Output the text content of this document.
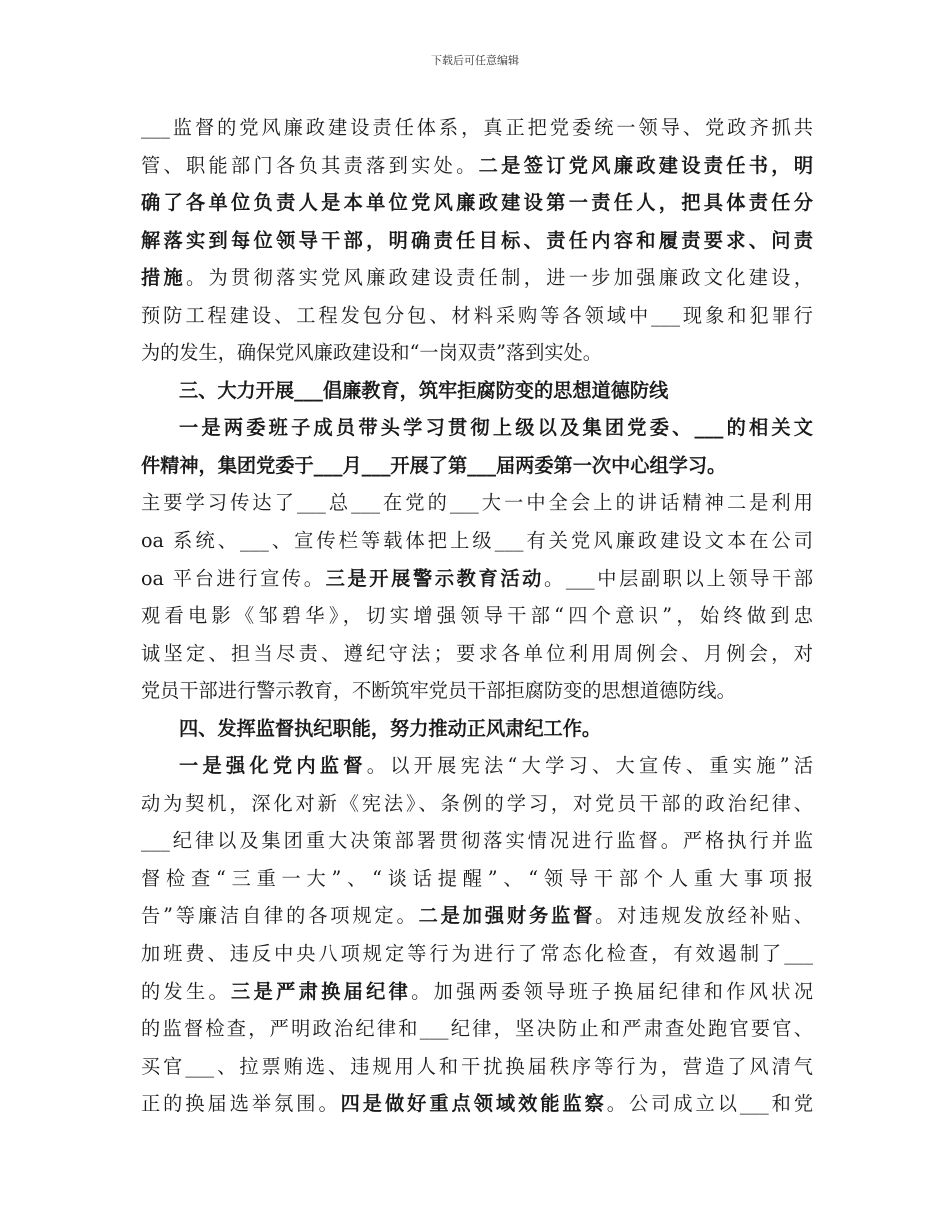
下载后可任意编辑
___监督的党风廉政建设责任体系，真正把党委统一领导、党政齐抓共
管、职能部门各负其责落到实处。二是签订党风廉政建设责任书，明
确了各单位负责人是本单位党风廉政建设第一责任人，把具体责任分
解落实到每位领导干部，明确责任目标、责任内容和履责要求、问责
措施。为贯彻落实党风廉政建设责任制，进一步加强廉政文化建设，
预防工程建设、工程发包分包、材料采购等各领域中___现象和犯罪行
为的发生，确保党风廉政建设和“一岗双责”落到实处。
三、大力开展___倡廉教育，筑牢拒腐防变的思想道德防线
一是两委班子成员带头学习贯彻上级以及集团党委、___的相关文
件精神，集团党委于___月___开展了第___届两委第一次中心组学习。
主要学习传达了___总___在党的___大一中全会上的讲话精神二是利用
oa 系统、___、宣传栏等载体把上级___有关党风廉政建设文本在公司
oa 平台进行宣传。三是开展警示教育活动。___中层副职以上领导干部
观看电影《邹碧华》，切实增强领导干部“四个意识”，始终做到忠
诚坚定、担当尽责、遵纪守法；要求各单位利用周例会、月例会，对
党员干部进行警示教育，不断筑牢党员干部拒腐防变的思想道德防线。
四、发挥监督执纪职能，努力推动正风肃纪工作。
一是强化党内监督。以开展宪法“大学习、大宣传、重实施”活
动为契机，深化对新《宪法》、条例的学习，对党员干部的政治纪律、
___纪律以及集团重大决策部署贯彻落实情况进行监督。严格执行并监
督检查“三重一大”、“谈话提醒”、“领导干部个人重大事项报
告”等廉洁自律的各项规定。二是加强财务监督。对违规发放经补贴、
加班费、违反中央八项规定等行为进行了常态化检查，有效遏制了___
的发生。三是严肃换届纪律。加强两委领导班子换届纪律和作风状况
的监督检查，严明政治纪律和___纪律，坚决防止和严肃查处跑官要官、
买官___、拉票贿选、违规用人和干扰换届秩序等行为，营造了风清气
正的换届选举氛围。四是做好重点领域效能监察。公司成立以___和党
